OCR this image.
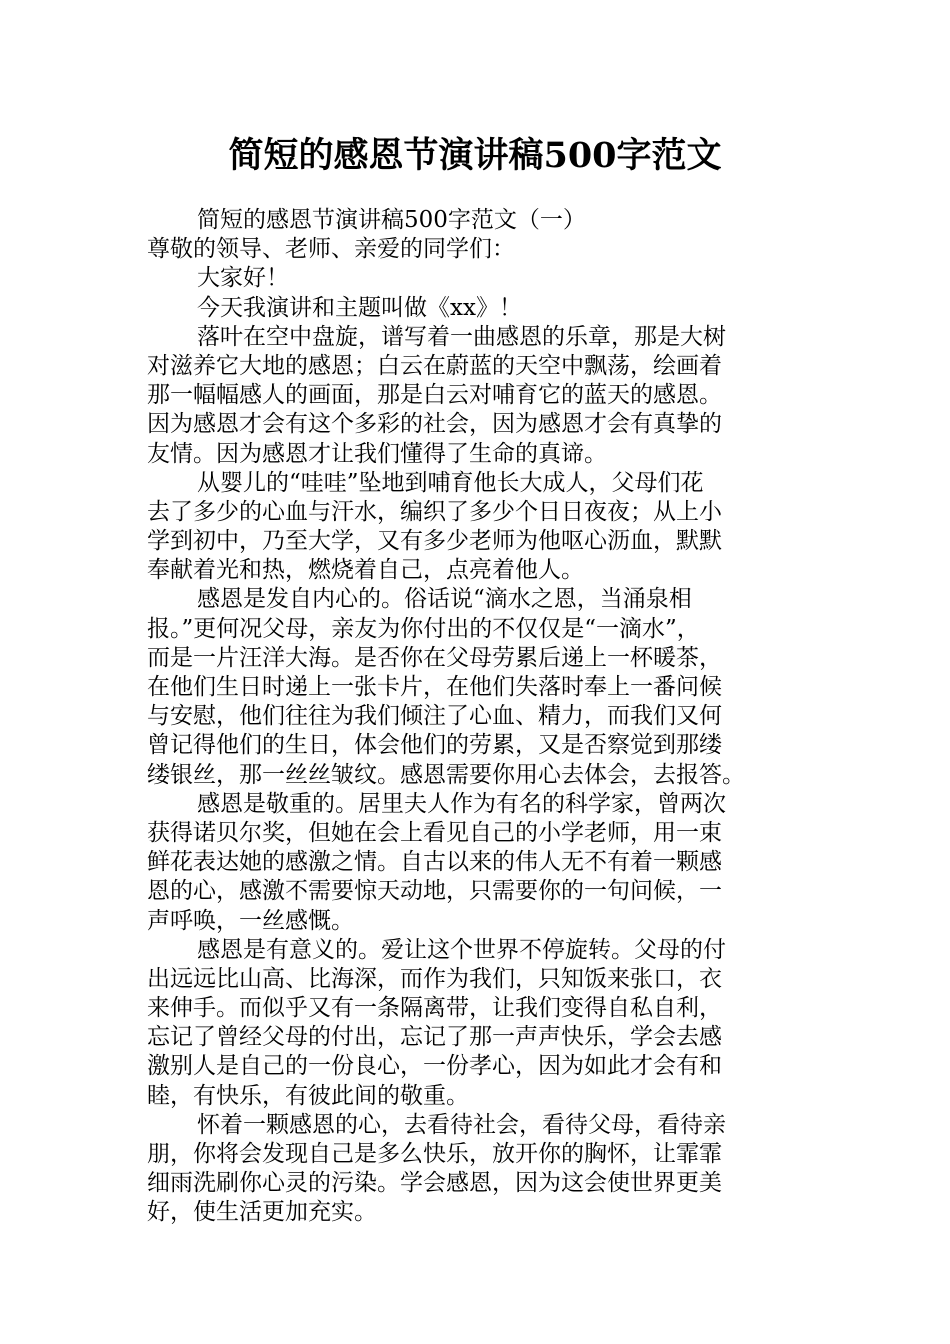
简短的感恩节演讲稿500字范文
简短的感恩节演讲稿500字范文（一）
尊敬的领导、老师、亲爱的同学们：
大家好！
今天我演讲和主题叫做《xx》！
落叶在空中盘旋，谱写着一曲感恩的乐章，那是大树
对滋养它大地的感恩；白云在蔚蓝的天空中飘荡，绘画着
那一幅幅感人的画面，那是白云对哺育它的蓝天的感恩。
因为感恩才会有这个多彩的社会，因为感恩才会有真挚的
友情。因为感恩才让我们懂得了生命的真谛。
从婴儿的“哇哇”坠地到哺育他长大成人，父母们花
去了多少的心血与汗水，编织了多少个日日夜夜；从上小
学到初中，乃至大学，又有多少老师为他呕心沥血，默默
奉献着光和热，燃烧着自己，点亮着他人。
感恩是发自内心的。俗话说“滴水之恩，当涌泉相
报。”更何况父母，亲友为你付出的不仅仅是“一滴水”，
而是一片汪洋大海。是否你在父母劳累后递上一杯暖茶，
在他们生日时递上一张卡片，在他们失落时奉上一番问候
与安慰，他们往往为我们倾注了心血、精力，而我们又何
曾记得他们的生日，体会他们的劳累，又是否察觉到那缕
缕银丝，那一丝丝皱纹。感恩需要你用心去体会，去报答。
感恩是敬重的。居里夫人作为有名的科学家，曾两次
获得诺贝尔奖，但她在会上看见自己的小学老师，用一束
鲜花表达她的感激之情。自古以来的伟人无不有着一颗感
恩的心，感激不需要惊天动地，只需要你的一句问候，一
声呼唤，一丝感慨。
感恩是有意义的。爱让这个世界不停旋转。父母的付
出远远比山高、比海深，而作为我们，只知饭来张口，衣
来伸手。而似乎又有一条隔离带，让我们变得自私自利，
忘记了曾经父母的付出，忘记了那一声声快乐，学会去感
激别人是自己的一份良心，一份孝心，因为如此才会有和
睦，有快乐，有彼此间的敬重。
怀着一颗感恩的心，去看待社会，看待父母，看待亲
朋，你将会发现自己是多么快乐，放开你的胸怀，让霏霏
细雨洗刷你心灵的污染。学会感恩，因为这会使世界更美
好，使生活更加充实。
